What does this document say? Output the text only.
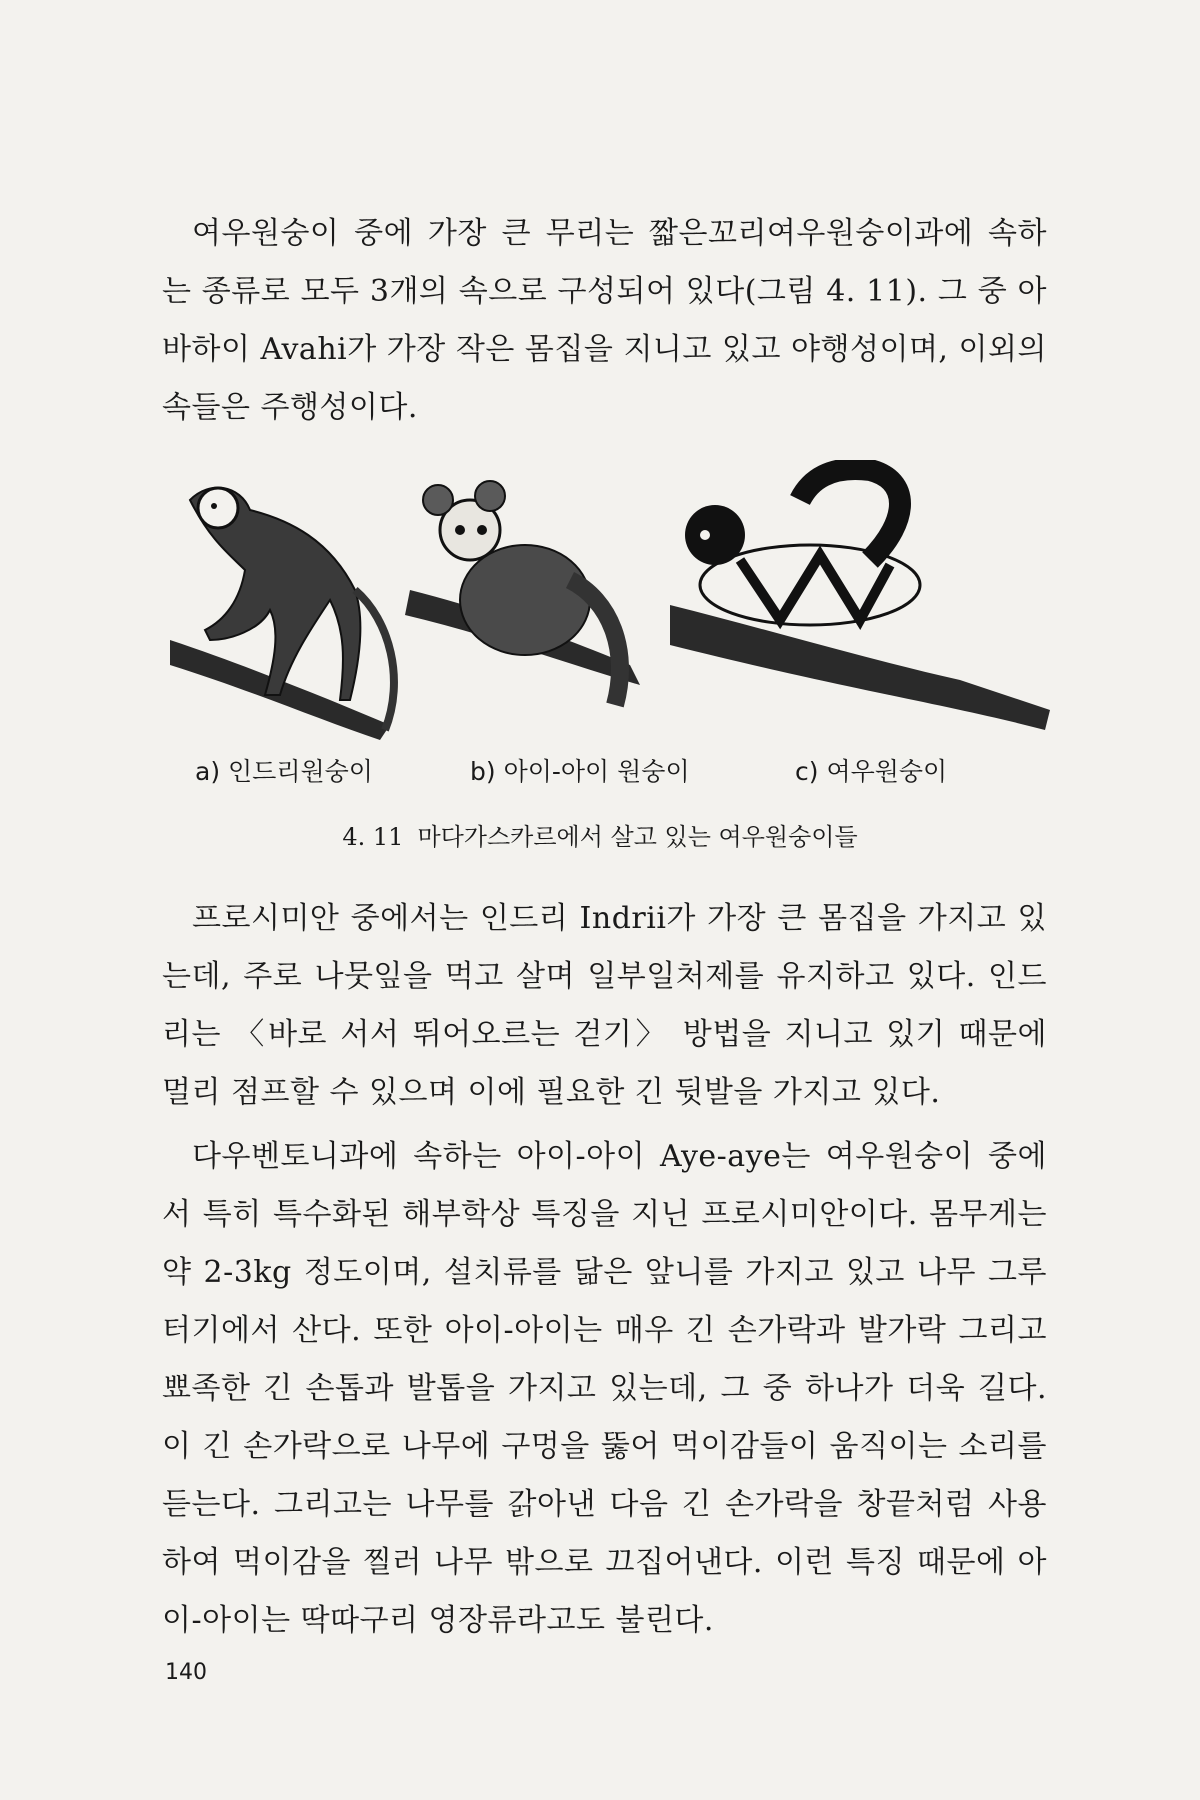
여우원숭이 중에 가장 큰 무리는 짧은꼬리여우원숭이과에 속하는 종류로 모두 3개의 속으로 구성되어 있다(그림 4. 11). 그 중 아바하이 Avahi가 가장 작은 몸집을 지니고 있고 야행성이며, 이외의 속들은 주행성이다.

a) 인드리원숭이	b) 아이-아이 원숭이	c) 여우원숭이
4. 11 마다가스카르에서 살고 있는 여우원숭이들

프로시미안 중에서는 인드리 Indrii가 가장 큰 몸집을 가지고 있는데, 주로 나뭇잎을 먹고 살며 일부일처제를 유지하고 있다. 인드리는 〈바로 서서 뛰어오르는 걷기〉 방법을 지니고 있기 때문에 멀리 점프할 수 있으며 이에 필요한 긴 뒷발을 가지고 있다.

다우벤토니과에 속하는 아이-아이 Aye-aye는 여우원숭이 중에서 특히 특수화된 해부학상 특징을 지닌 프로시미안이다. 몸무게는 약 2-3kg 정도이며, 설치류를 닮은 앞니를 가지고 있고 나무 그루터기에서 산다. 또한 아이-아이는 매우 긴 손가락과 발가락 그리고 뾰족한 긴 손톱과 발톱을 가지고 있는데, 그 중 하나가 더욱 길다. 이 긴 손가락으로 나무에 구멍을 뚫어 먹이감들이 움직이는 소리를 듣는다. 그리고는 나무를 갉아낸 다음 긴 손가락을 창끝처럼 사용하여 먹이감을 찔러 나무 밖으로 끄집어낸다. 이런 특징 때문에 아이-아이는 딱따구리 영장류라고도 불린다.

140
